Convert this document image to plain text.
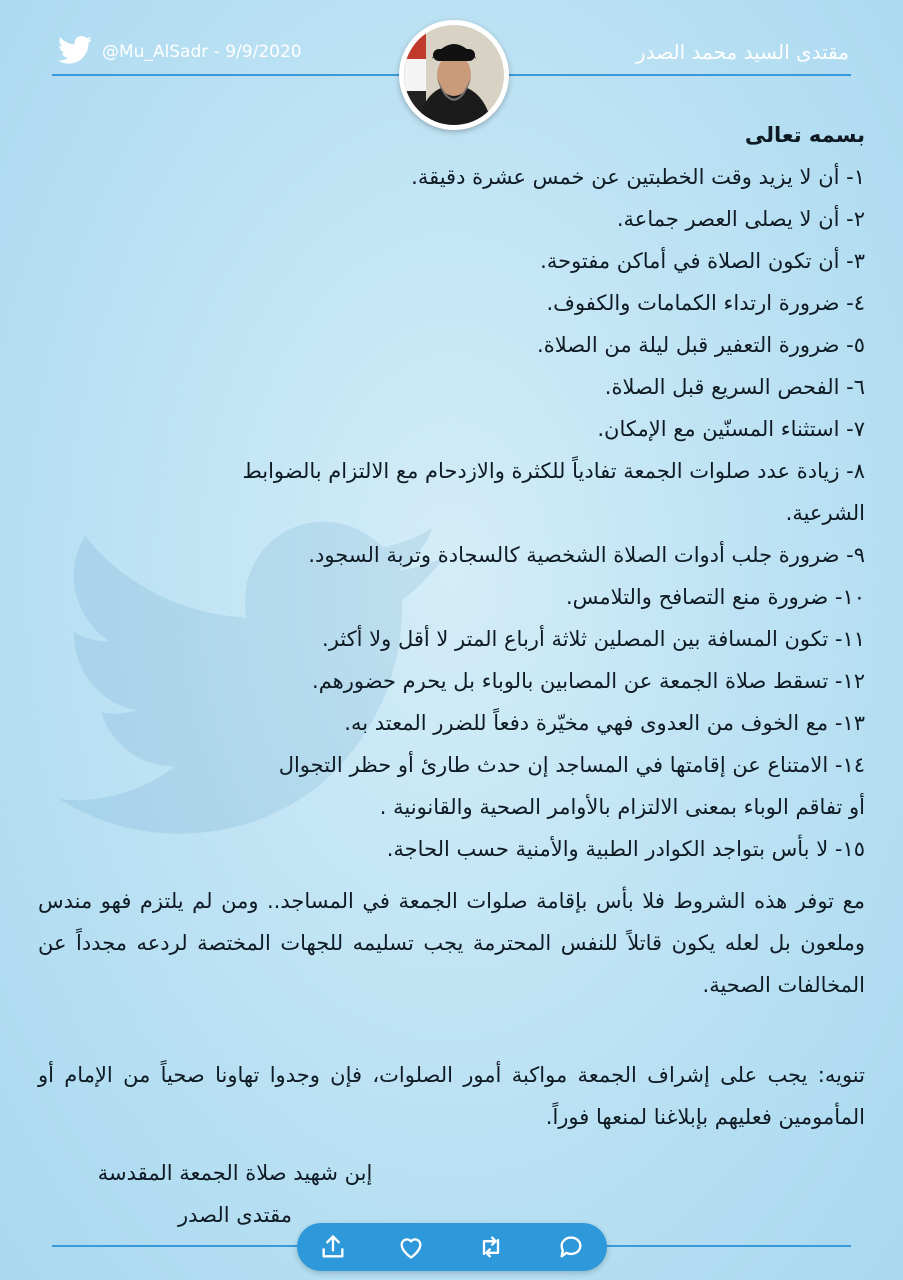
@Mu_AlSadr - 9/9/2020	مقتدى السيد محمد الصدر

بسمه تعالى

١- أن لا يزيد وقت الخطبتين عن خمس عشرة دقيقة.

٢- أن لا يصلى العصر جماعة.

٣- أن تكون الصلاة في أماكن مفتوحة.

٤- ضرورة ارتداء الكمامات والكفوف.

٥- ضرورة التعفير قبل ليلة من الصلاة.

٦- الفحص السريع قبل الصلاة.

٧- استثناء المسنّين مع الإمكان.

٨- زيادة عدد صلوات الجمعة تفادياً للكثرة والازدحام مع الالتزام بالضوابط

الشرعية.

٩- ضرورة جلب أدوات الصلاة الشخصية كالسجادة وتربة السجود.

١٠- ضرورة منع التصافح والتلامس.

١١- تكون المسافة بين المصلين ثلاثة أرباع المتر لا أقل ولا أكثر.

١٢- تسقط صلاة الجمعة عن المصابين بالوباء بل يحرم حضورهم.

١٣- مع الخوف من العدوى فهي مخيّرة دفعاً للضرر المعتد به.

١٤- الامتناع عن إقامتها في المساجد إن حدث طارئ أو حظر التجوال

أو تفاقم الوباء بمعنى الالتزام بالأوامر الصحية والقانونية .

١٥- لا بأس بتواجد الكوادر الطبية والأمنية حسب الحاجة.

مع توفر هذه الشروط فلا بأس بإقامة صلوات الجمعة في المساجد.. ومن لم يلتزم فهو مندس وملعون بل لعله يكون قاتلاً للنفس المحترمة يجب تسليمه للجهات المختصة لردعه مجدداً عن المخالفات الصحية.

تنويه: يجب على إشراف الجمعة مواكبة أمور الصلوات، فإن وجدوا تهاونا صحياً من الإمام أو المأمومين فعليهم بإبلاغنا لمنعها فوراً.

إبن شهيد صلاة الجمعة المقدسة
مقتدى الصدر
